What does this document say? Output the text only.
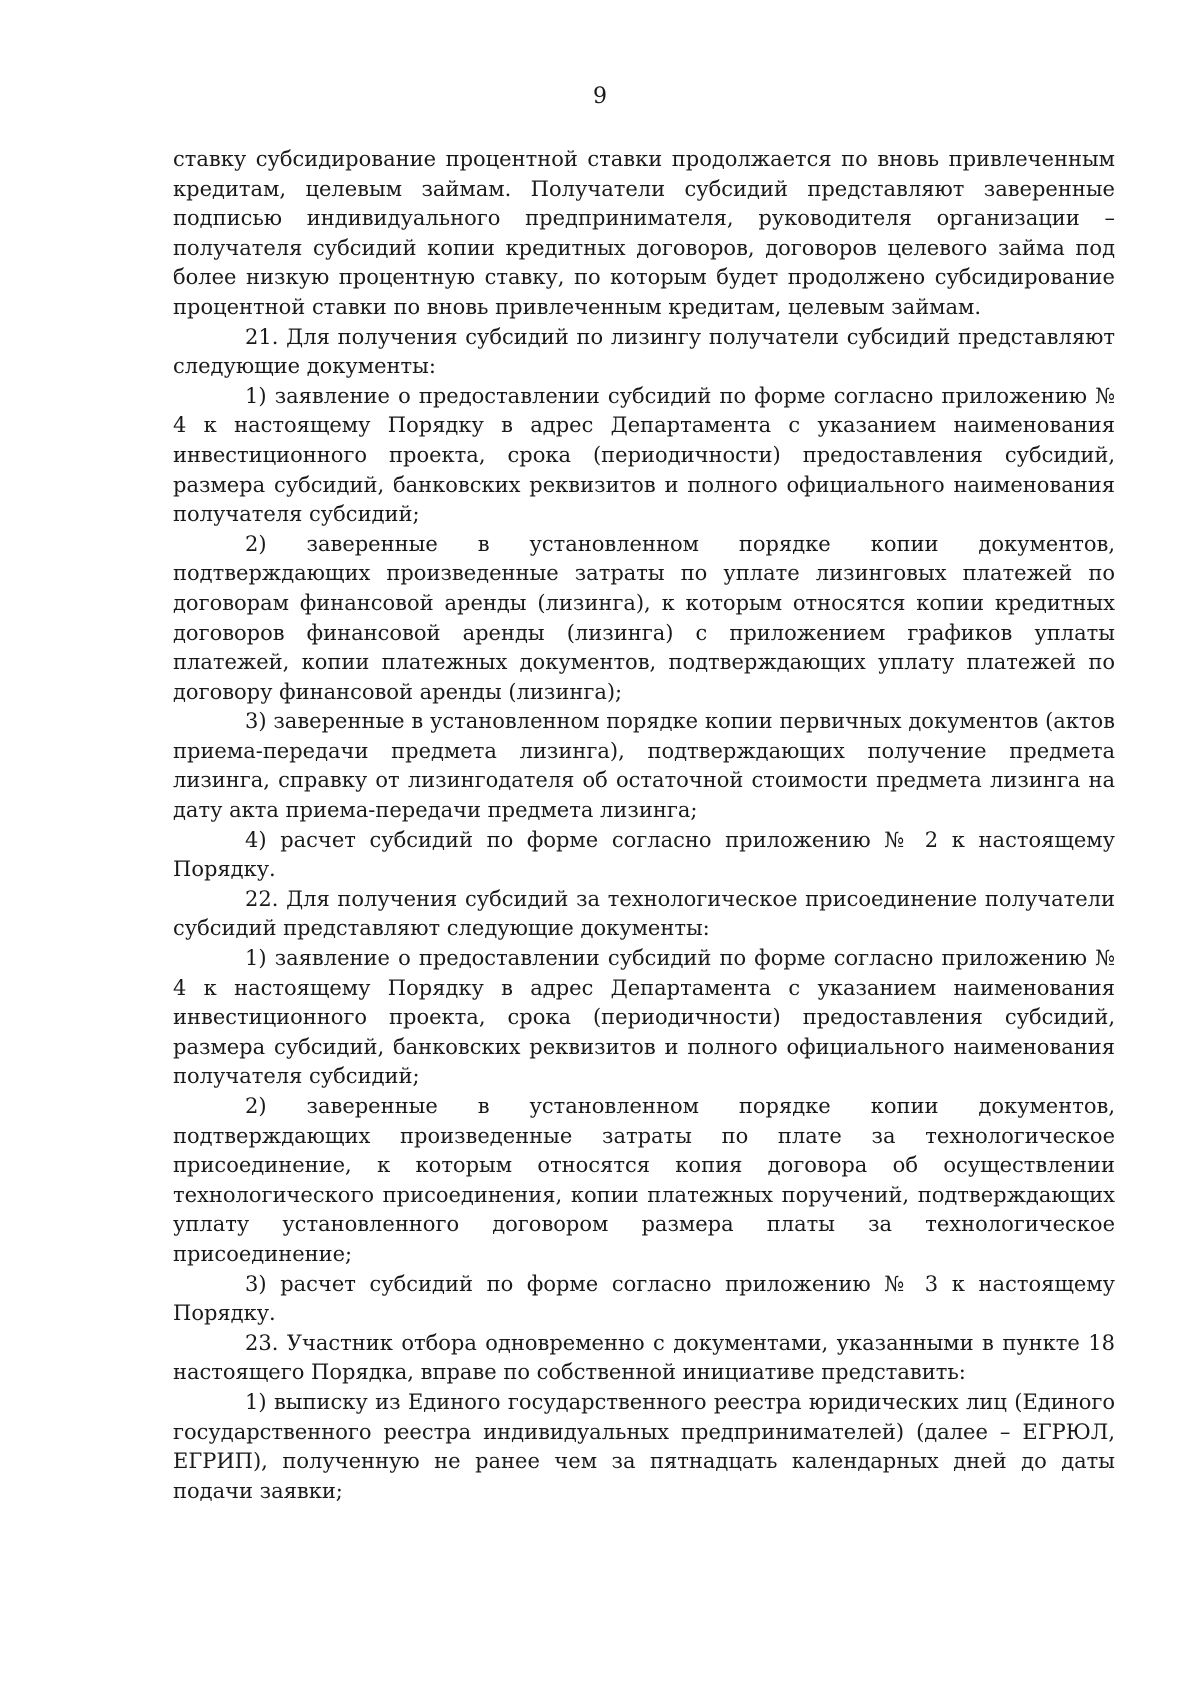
9

ставку субсидирование процентной ставки продолжается по вновь привлеченным кредитам, целевым займам. Получатели субсидий представляют заверенные подписью индивидуального предпринимателя, руководителя организации – получателя субсидий копии кредитных договоров, договоров целевого займа под более низкую процентную ставку, по которым будет продолжено субсидирование процентной ставки по вновь привлеченным кредитам, целевым займам.

21. Для получения субсидий по лизингу получатели субсидий представляют следующие документы:

1) заявление о предоставлении субсидий по форме согласно приложению № 4 к настоящему Порядку в адрес Департамента с указанием наименования инвестиционного проекта, срока (периодичности) предоставления субсидий, размера субсидий, банковских реквизитов и полного официального наименования получателя субсидий;

2) заверенные в установленном порядке копии документов, подтверждающих произведенные затраты по уплате лизинговых платежей по договорам финансовой аренды (лизинга), к которым относятся копии кредитных договоров финансовой аренды (лизинга) с приложением графиков уплаты платежей, копии платежных документов, подтверждающих уплату платежей по договору финансовой аренды (лизинга);

3) заверенные в установленном порядке копии первичных документов (актов приема-передачи предмета лизинга), подтверждающих получение предмета лизинга, справку от лизингодателя об остаточной стоимости предмета лизинга на дату акта приема-передачи предмета лизинга;

4) расчет субсидий по форме согласно приложению № 2 к настоящему Порядку.

22. Для получения субсидий за технологическое присоединение получатели субсидий представляют следующие документы:

1) заявление о предоставлении субсидий по форме согласно приложению № 4 к настоящему Порядку в адрес Департамента с указанием наименования инвестиционного проекта, срока (периодичности) предоставления субсидий, размера субсидий, банковских реквизитов и полного официального наименования получателя субсидий;

2) заверенные в установленном порядке копии документов, подтверждающих произведенные затраты по плате за технологическое присоединение, к которым относятся копия договора об осуществлении технологического присоединения, копии платежных поручений, подтверждающих уплату установленного договором размера платы за технологическое присоединение;

3) расчет субсидий по форме согласно приложению № 3 к настоящему Порядку.

23. Участник отбора одновременно с документами, указанными в пункте 18 настоящего Порядка, вправе по собственной инициативе представить:

1) выписку из Единого государственного реестра юридических лиц (Единого государственного реестра индивидуальных предпринимателей) (далее – ЕГРЮЛ, ЕГРИП), полученную не ранее чем за пятнадцать календарных дней до даты подачи заявки;
